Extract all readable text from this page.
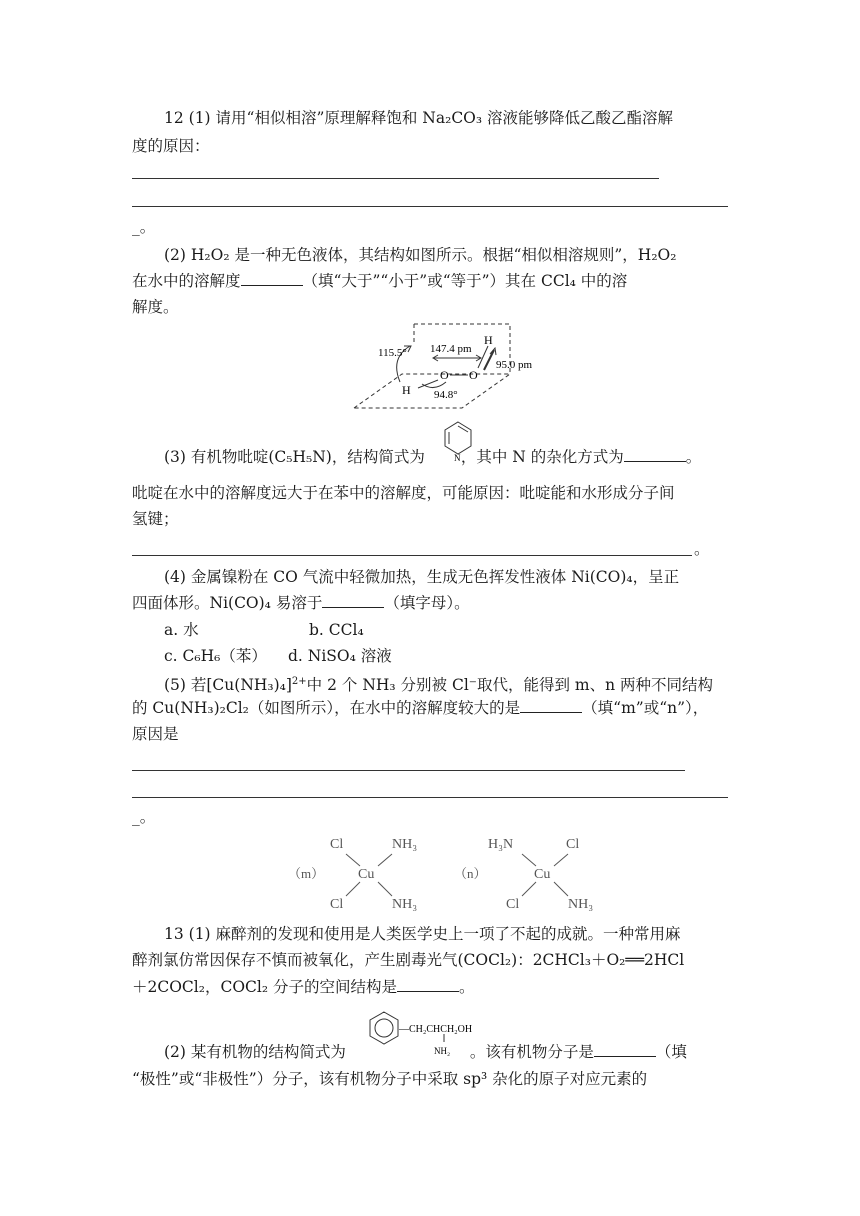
12 (1) 请用“相似相溶”原理解释饱和 Na₂CO₃ 溶液能够降低乙酸乙酯溶解
度的原因：
_。
(2) H₂O₂ 是一种无色液体，其结构如图所示。根据“相似相溶规则”，H₂O₂
在水中的溶解度	（填“大于”“小于”或“等于”）其在 CCl₄ 中的溶
解度。
115.5° 147.4 pm
O O
H
95.0 pm
H 94.8°
(3) 有机物吡啶(C₅H₅N)，结构简式为 ，其中 N 的杂化方式为	。
N
吡啶在水中的溶解度远大于在苯中的溶解度，可能原因：吡啶能和水形成分子间
氢键；
。
(4) 金属镍粉在 CO 气流中轻微加热，生成无色挥发性液体 Ni(CO)₄，呈正
四面体形。Ni(CO)₄ 易溶于	（填字母）。
a. 水	b. CCl₄
c. C₆H₆（苯） d. NiSO₄ 溶液
(5) 若$[Cu(NH_3)_4]^{2+}$中 2 个 NH₃ 分别被 Cl⁻取代，能得到 m、n 两种不同结构
的 Cu(NH₃)₂Cl₂（如图所示），在水中的溶解度较大的是	（填“m”或“n”），
原因是
_。
（m）
Cl	NH₃
Cu
Cl	NH₃
（n）
H₃N	Cl
Cu
Cl	NH₃
13 (1) 麻醉剂的发现和使用是人类医学史上一项了不起的成就。一种常用麻
醉剂氯仿常因保存不慎而被氧化，产生剧毒光气(COCl₂)：2CHCl₃＋O₂══2HCl
＋2COCl₂，COCl₂ 分子的空间结构是	。
—CH₂CHCH₂OH
NH₂
(2) 某有机物的结构简式为	。该有机物分子是	（填
“极性”或“非极性”）分子，该有机物分子中采取 sp³ 杂化的原子对应元素的
